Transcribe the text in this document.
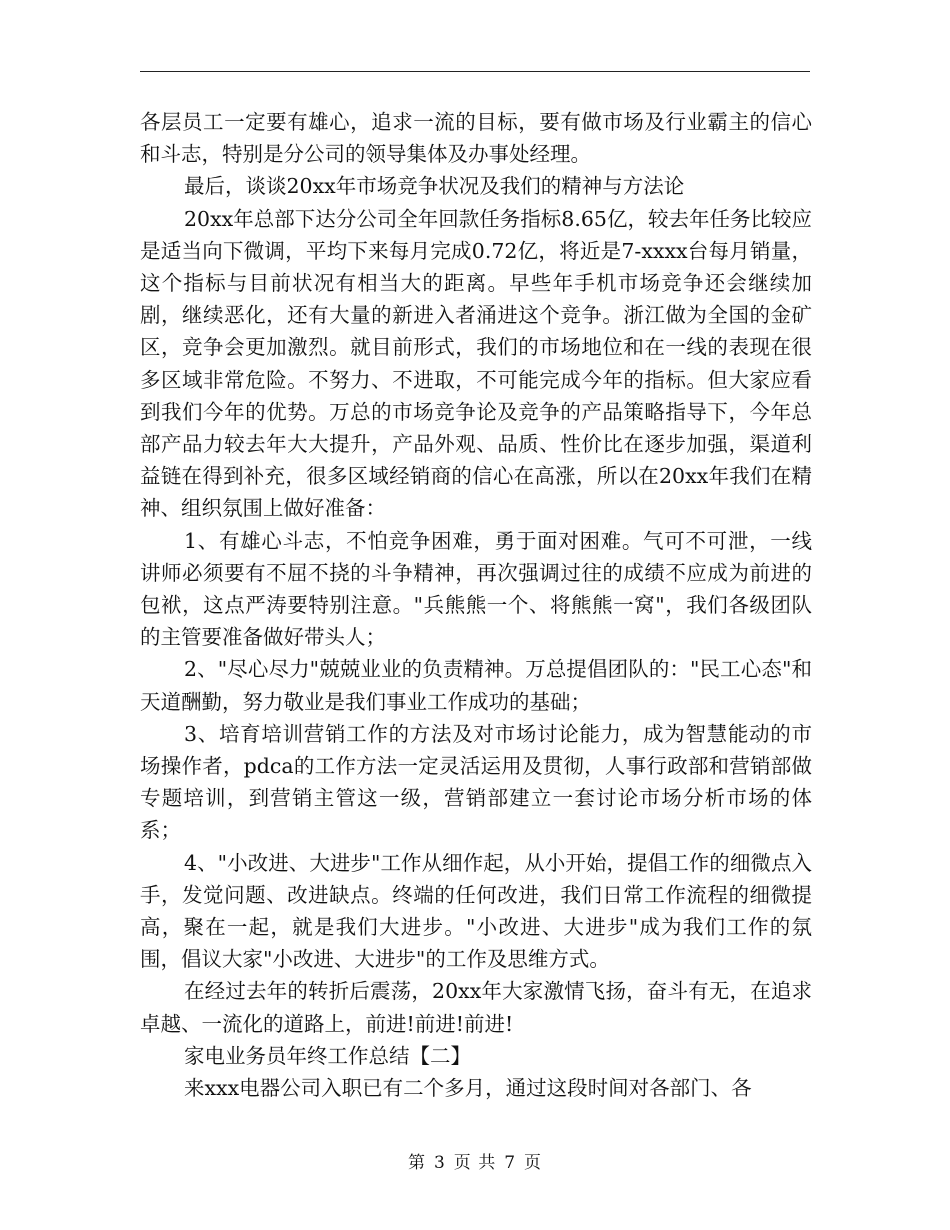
各层员工一定要有雄心，追求一流的目标，要有做市场及行业霸主的信心和斗志，特别是分公司的领导集体及办事处经理。

最后，谈谈20xx年市场竞争状况及我们的精神与方法论

20xx年总部下达分公司全年回款任务指标8.65亿，较去年任务比较应是适当向下微调，平均下来每月完成0.72亿，将近是7-xxxx台每月销量，这个指标与目前状况有相当大的距离。早些年手机市场竞争还会继续加剧，继续恶化，还有大量的新进入者涌进这个竞争。浙江做为全国的金矿区，竞争会更加激烈。就目前形式，我们的市场地位和在一线的表现在很多区域非常危险。不努力、不进取，不可能完成今年的指标。但大家应看到我们今年的优势。万总的市场竞争论及竞争的产品策略指导下，今年总部产品力较去年大大提升，产品外观、品质、性价比在逐步加强，渠道利益链在得到补充，很多区域经销商的信心在高涨，所以在20xx年我们在精神、组织氛围上做好准备：

1、有雄心斗志，不怕竞争困难，勇于面对困难。气可不可泄，一线讲师必须要有不屈不挠的斗争精神，再次强调过往的成绩不应成为前进的包袱，这点严涛要特别注意。"兵熊熊一个、将熊熊一窝"，我们各级团队的主管要准备做好带头人；

2、"尽心尽力"兢兢业业的负责精神。万总提倡团队的："民工心态"和天道酬勤，努力敬业是我们事业工作成功的基础；

3、培育培训营销工作的方法及对市场讨论能力，成为智慧能动的市场操作者，pdca的工作方法一定灵活运用及贯彻，人事行政部和营销部做专题培训，到营销主管这一级，营销部建立一套讨论市场分析市场的体系；

4、"小改进、大进步"工作从细作起，从小开始，提倡工作的细微点入手，发觉问题、改进缺点。终端的任何改进，我们日常工作流程的细微提高，聚在一起，就是我们大进步。"小改进、大进步"成为我们工作的氛围，倡议大家"小改进、大进步"的工作及思维方式。

在经过去年的转折后震荡，20xx年大家激情飞扬，奋斗有无，在追求卓越、一流化的道路上，前进!前进!前进!

家电业务员年终工作总结【二】

来xxx电器公司入职已有二个多月，通过这段时间对各部门、各

第 3 页 共 7 页
